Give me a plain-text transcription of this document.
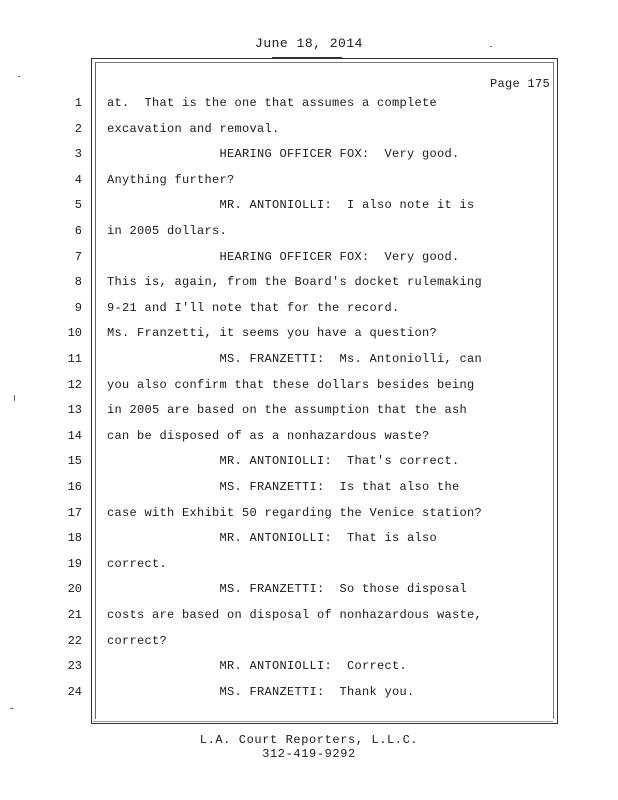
June 18, 2014
Page 175
1 at.  That is the one that assumes a complete
2 excavation and removal.
3 HEARING OFFICER FOX:  Very good.
4 Anything further?
5 MR. ANTONIOLLI:  I also note it is
6 in 2005 dollars.
7 HEARING OFFICER FOX:  Very good.
8 This is, again, from the Board's docket rulemaking
9 9-21 and I'll note that for the record.
10 Ms. Franzetti, it seems you have a question?
11 MS. FRANZETTI:  Ms. Antoniolli, can
12 you also confirm that these dollars besides being
13 in 2005 are based on the assumption that the ash
14 can be disposed of as a nonhazardous waste?
15 MR. ANTONIOLLI:  That's correct.
16 MS. FRANZETTI:  Is that also the
17 case with Exhibit 50 regarding the Venice station?
18 MR. ANTONIOLLI:  That is also
19 correct.
20 MS. FRANZETTI:  So those disposal
21 costs are based on disposal of nonhazardous waste,
22 correct?
23 MR. ANTONIOLLI:  Correct.
24 MS. FRANZETTI:  Thank you.
L.A. Court Reporters, L.L.C.
312-419-9292
